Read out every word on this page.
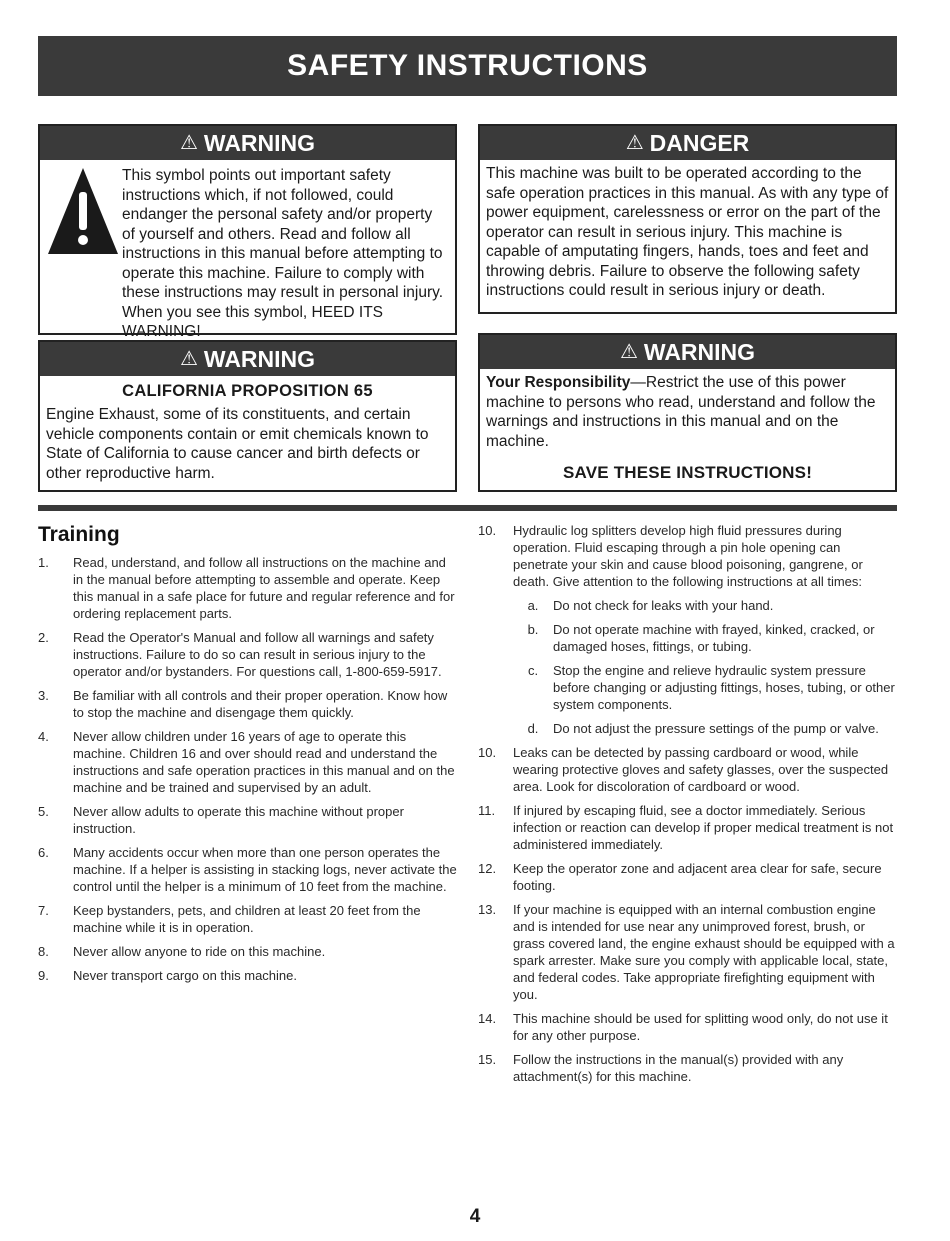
SAFETY INSTRUCTIONS
⚠ WARNING
This symbol points out important safety instructions which, if not followed, could endanger the personal safety and/or property of yourself and others. Read and follow all instructions in this manual before attempting to operate this machine. Failure to comply with these instructions may result in personal injury. When you see this symbol, HEED ITS WARNING!
⚠ DANGER
This machine was built to be operated according to the safe operation practices in this manual. As with any type of power equipment, carelessness or error on the part of the operator can result in serious injury. This machine is capable of amputating fingers, hands, toes and feet and throwing debris. Failure to observe the following safety instructions could result in serious injury or death.
⚠ WARNING
CALIFORNIA PROPOSITION 65
Engine Exhaust, some of its constituents, and certain vehicle components contain or emit chemicals known to State of California to cause cancer and birth defects or other reproductive harm.
⚠ WARNING
Your Responsibility—Restrict the use of this power machine to persons who read, understand and follow the warnings and instructions in this manual and on the machine.
SAVE THESE INSTRUCTIONS!
Training
1.	Read, understand, and follow all instructions on the machine and in the manual before attempting to assemble and operate. Keep this manual in a safe place for future and regular reference and for ordering replacement parts.
2.	Read the Operator's Manual and follow all warnings and safety instructions. Failure to do so can result in serious injury to the operator and/or bystanders. For questions call, 1-800-659-5917.
3.	Be familiar with all controls and their proper operation. Know how to stop the machine and disengage them quickly.
4.	Never allow children under 16 years of age to operate this machine. Children 16 and over should read and understand the instructions and safe operation practices in this manual and on the machine and be trained and supervised by an adult.
5.	Never allow adults to operate this machine without proper instruction.
6.	Many accidents occur when more than one person operates the machine. If a helper is assisting in stacking logs, never activate the control until the helper is a minimum of 10 feet from the machine.
7.	Keep bystanders, pets, and children at least 20 feet from the machine while it is in operation.
8.	Never allow anyone to ride on this machine.
9.	Never transport cargo on this machine.
10.	Hydraulic log splitters develop high fluid pressures during operation. Fluid escaping through a pin hole opening can penetrate your skin and cause blood poisoning, gangrene, or death. Give attention to the following instructions at all times:
a.	Do not check for leaks with your hand.
b.	Do not operate machine with frayed, kinked, cracked, or damaged hoses, fittings, or tubing.
c.	Stop the engine and relieve hydraulic system pressure before changing or adjusting fittings, hoses, tubing, or other system components.
d.	Do not adjust the pressure settings of the pump or valve.
10.	Leaks can be detected by passing cardboard or wood, while wearing protective gloves and safety glasses, over the suspected area. Look for discoloration of cardboard or wood.
11.	If injured by escaping fluid, see a doctor immediately. Serious infection or reaction can develop if proper medical treatment is not administered immediately.
12.	Keep the operator zone and adjacent area clear for safe, secure footing.
13.	If your machine is equipped with an internal combustion engine and is intended for use near any unimproved forest, brush, or grass covered land, the engine exhaust should be equipped with a spark arrester. Make sure you comply with applicable local, state, and federal codes. Take appropriate firefighting equipment with you.
14.	This machine should be used for splitting wood only, do not use it for any other purpose.
15.	Follow the instructions in the manual(s) provided with any attachment(s) for this machine.
4
